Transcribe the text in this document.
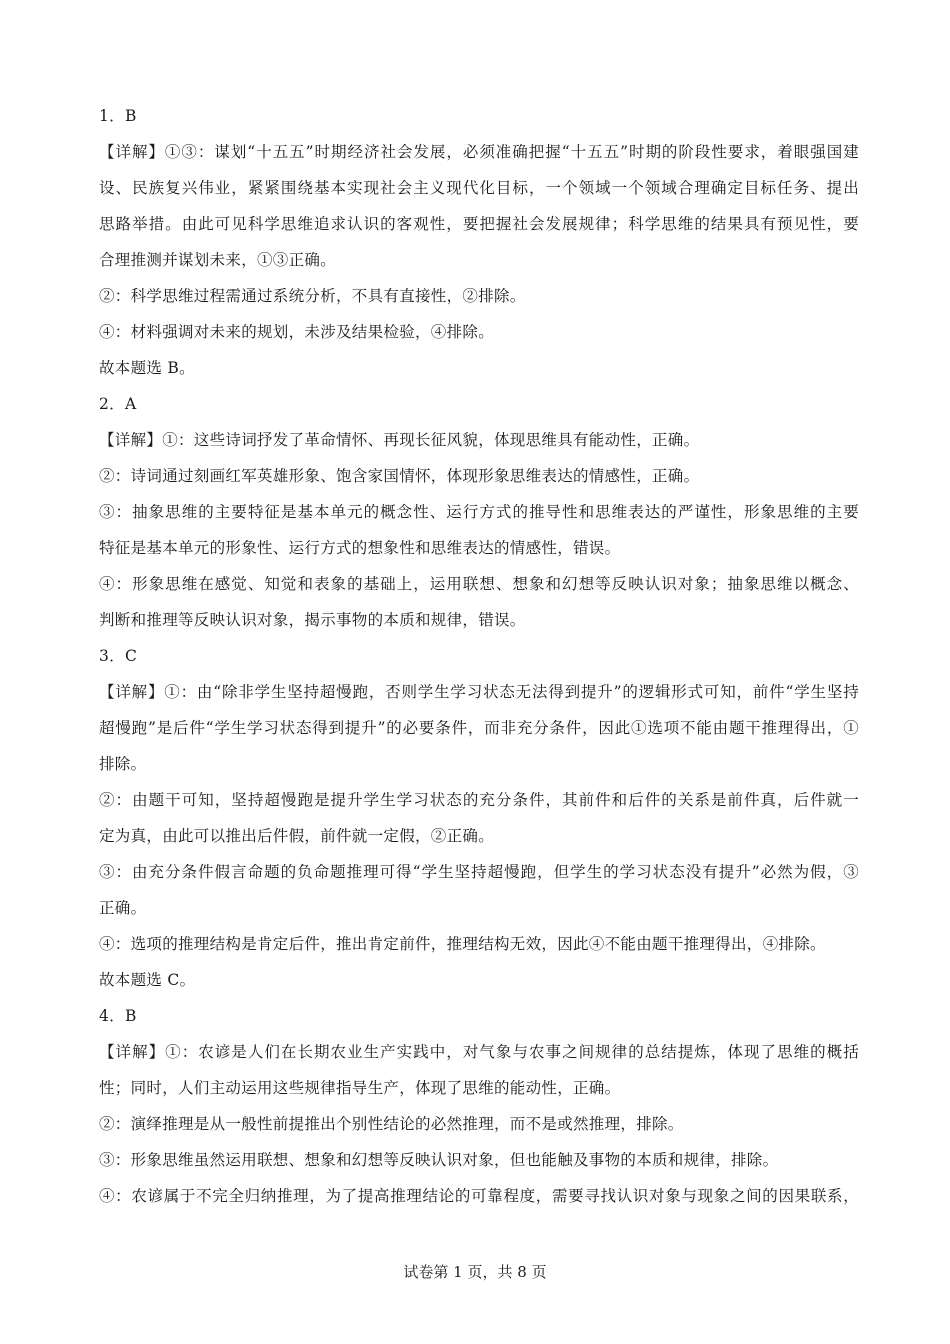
1．B
【详解】①③：谋划“十五五”时期经济社会发展，必须准确把握“十五五”时期的阶段性要求，着眼强国建
设、民族复兴伟业，紧紧围绕基本实现社会主义现代化目标，一个领域一个领域合理确定目标任务、提出
思路举措。由此可见科学思维追求认识的客观性，要把握社会发展规律；科学思维的结果具有预见性，要
合理推测并谋划未来，①③正确。
②：科学思维过程需通过系统分析，不具有直接性，②排除。
④：材料强调对未来的规划，未涉及结果检验，④排除。
故本题选 B。
2．A
【详解】①：这些诗词抒发了革命情怀、再现长征风貌，体现思维具有能动性，正确。
②：诗词通过刻画红军英雄形象、饱含家国情怀，体现形象思维表达的情感性，正确。
③：抽象思维的主要特征是基本单元的概念性、运行方式的推导性和思维表达的严谨性，形象思维的主要
特征是基本单元的形象性、运行方式的想象性和思维表达的情感性，错误。
④：形象思维在感觉、知觉和表象的基础上，运用联想、想象和幻想等反映认识对象；抽象思维以概念、
判断和推理等反映认识对象，揭示事物的本质和规律，错误。
3．C
【详解】①：由“除非学生坚持超慢跑，否则学生学习状态无法得到提升”的逻辑形式可知，前件“学生坚持
超慢跑”是后件“学生学习状态得到提升”的必要条件，而非充分条件，因此①选项不能由题干推理得出，①
排除。
②：由题干可知，坚持超慢跑是提升学生学习状态的充分条件，其前件和后件的关系是前件真，后件就一
定为真，由此可以推出后件假，前件就一定假，②正确。
③：由充分条件假言命题的负命题推理可得“学生坚持超慢跑，但学生的学习状态没有提升”必然为假，③
正确。
④：选项的推理结构是肯定后件，推出肯定前件，推理结构无效，因此④不能由题干推理得出，④排除。
故本题选 C。
4．B
【详解】①：农谚是人们在长期农业生产实践中，对气象与农事之间规律的总结提炼，体现了思维的概括
性；同时，人们主动运用这些规律指导生产，体现了思维的能动性，正确。
②：演绎推理是从一般性前提推出个别性结论的必然推理，而不是或然推理，排除。
③：形象思维虽然运用联想、想象和幻想等反映认识对象，但也能触及事物的本质和规律，排除。
④：农谚属于不完全归纳推理，为了提高推理结论的可靠程度，需要寻找认识对象与现象之间的因果联系，
试卷第 1 页，共 8 页
